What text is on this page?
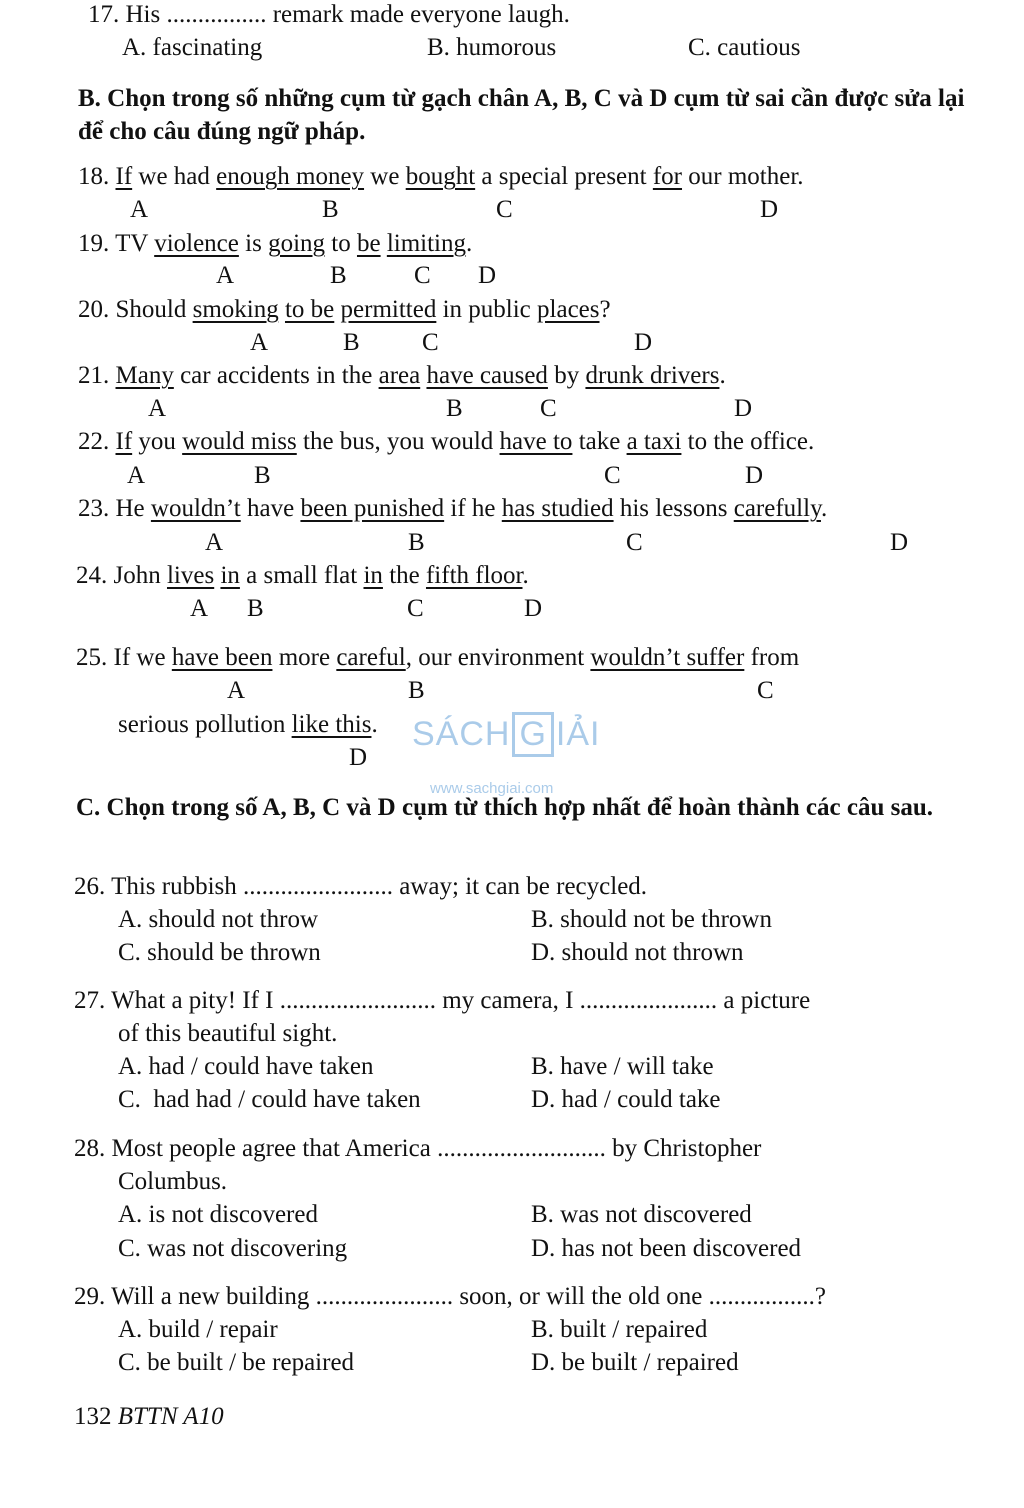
17. His ................ remark made everyone laugh.
A. fascinating	B. humorous	C. cautious
B. Chọn trong số những cụm từ gạch chân A, B, C và D cụm từ sai cần được sửa lại để cho câu đúng ngữ pháp.
18. If we had enough money we bought a special present for our mother.
A	B	C	D
19. TV violence is going to be limiting.
A	B	C D
20. Should smoking to be permitted in public places?
A	B C	D
21. Many car accidents in the area have caused by drunk drivers.
A	B	C	D
22. If you would miss the bus, you would have to take a taxi to the office.
A	B	C	D
23. He wouldn’t have been punished if he has studied his lessons carefully.
A	B	C	D
24. John lives in a small flat in the fifth floor.
A B	C	D
25. If we have been more careful, our environment wouldn’t suffer from
A	B	C
serious pollution like this.
D
SÁCH G IẢI
www.sachgiai.com
C. Chọn trong số A, B, C và D cụm từ thích hợp nhất để hoàn thành các câu sau.
26. This rubbish ........................ away; it can be recycled.
A. should not throw	B. should not be thrown
C. should be thrown	D. should not thrown
27. What a pity! If I ......................... my camera, I ...................... a picture
of this beautiful sight.
A. had / could have taken	B. have / will take
C.  had had / could have taken	D. had / could take
28. Most people agree that America ........................... by Christopher
Columbus.
A. is not discovered	B. was not discovered
C. was not discovering	D. has not been discovered
29. Will a new building ...................... soon, or will the old one .................?
A. build / repair	B. built / repaired
C. be built / be repaired	D. be built / repaired
132 BTTN A10
